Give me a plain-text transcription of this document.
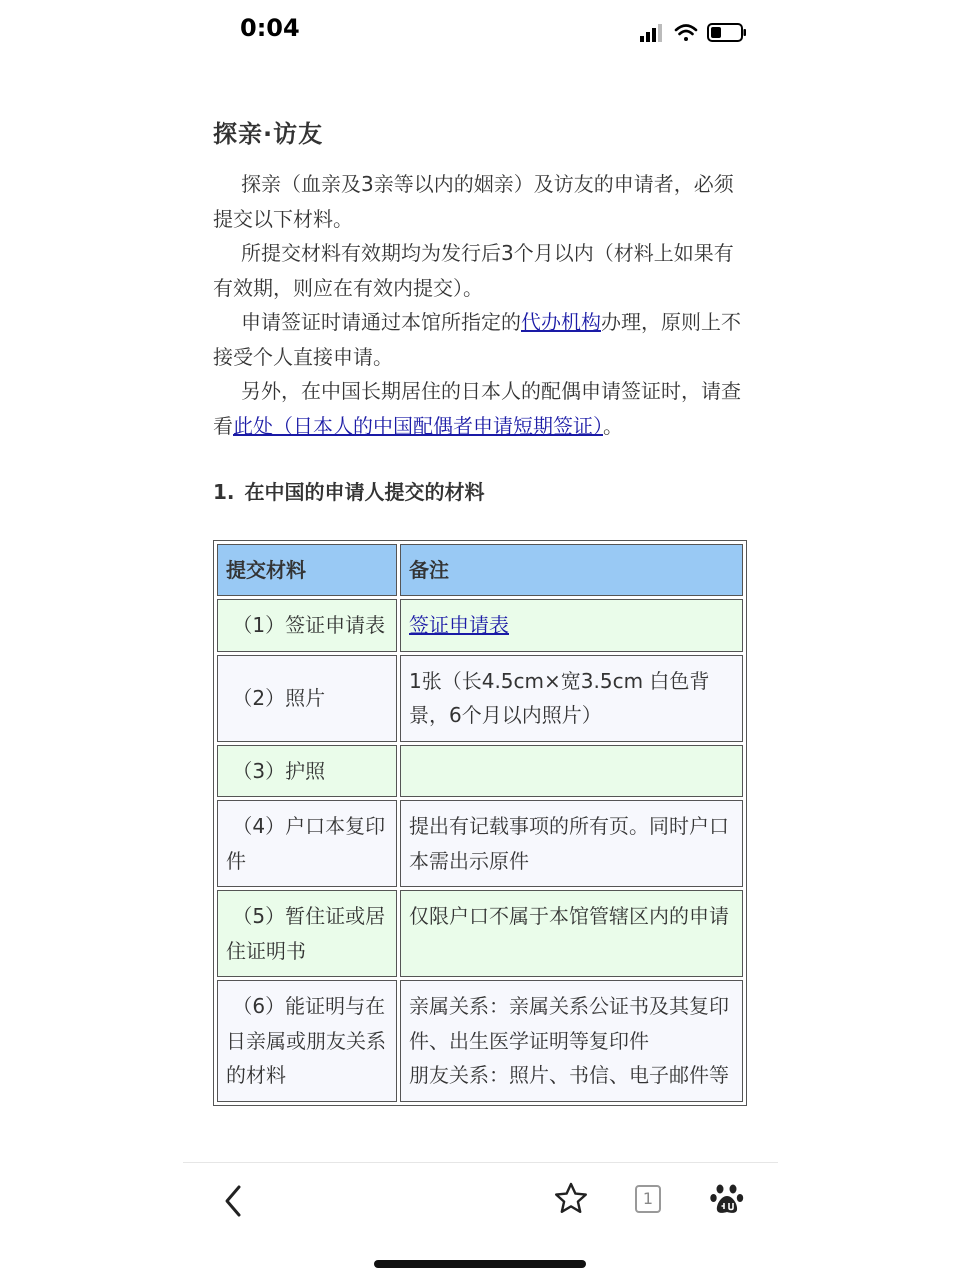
0:04
探亲·访友

探亲（血亲及3亲等以内的姻亲）及访友的申请者，必须提交以下材料。

所提交材料有效期均为发行后3个月以内（材料上如果有有效期，则应在有效内提交）。

申请签证时请通过本馆所指定的代办机构办理，原则上不接受个人直接申请。

另外，在中国长期居住的日本人的配偶申请签证时，请查看此处（日本人的中国配偶者申请短期签证）。

1. 在中国的申请人提交的材料
提交材料	备注
（1）签证申请表	签证申请表
（2）照片	1张（长4.5cm×宽3.5cm 白色背景，6个月以内照片）
（3）护照	
（4）户口本复印件	提出有记载事项的所有页。同时户口本需出示原件
（5）暂住证或居住证明书	仅限户口不属于本馆管辖区内的申请
（6）能证明与在日亲属或朋友关系的材料	亲属关系：亲属关系公证书及其复印件、出生医学证明等复印件
朋友关系：照片、书信、电子邮件等
1
